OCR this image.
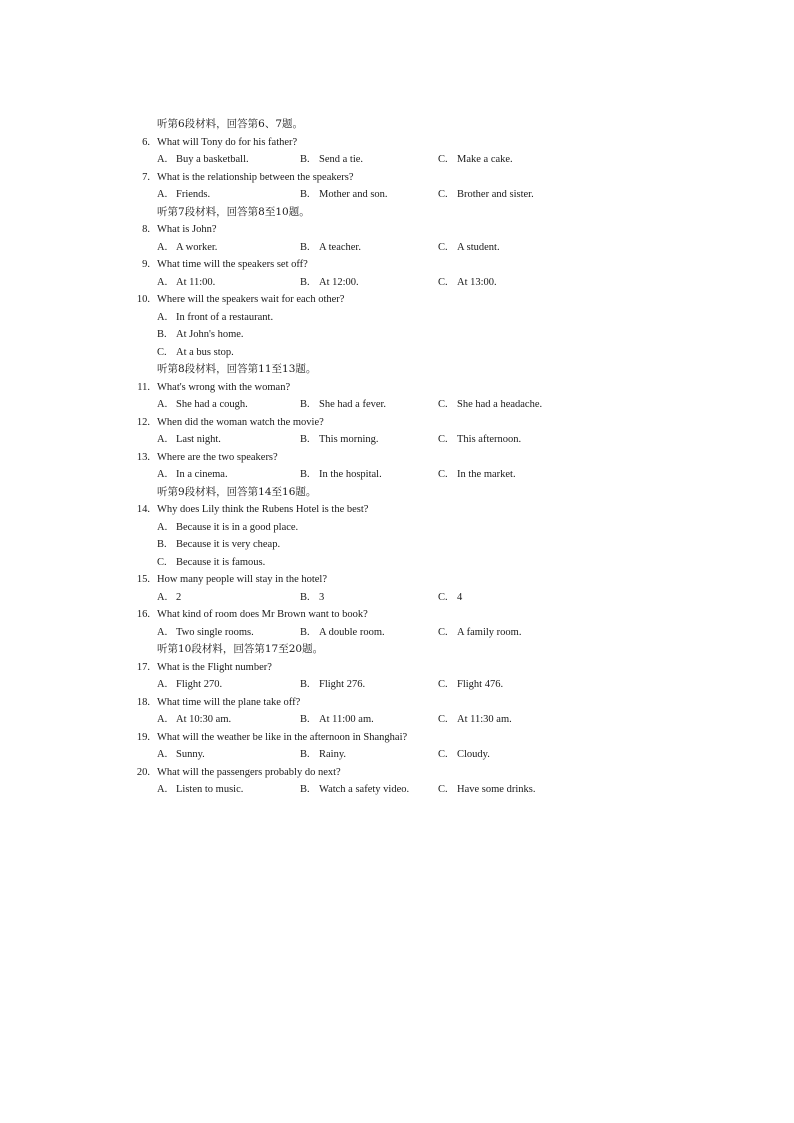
听第6段材料，回答第6、7题。
6. What will Tony do for his father?
A. Buy a basketball.	B. Send a tie.	C. Make a cake.
7. What is the relationship between the speakers?
A. Friends.	B. Mother and son.	C. Brother and sister.
听第7段材料，回答第8至10题。
8. What is John?
A. A worker.	B. A teacher.	C. A student.
9. What time will the speakers set off?
A. At 11:00.	B. At 12:00.	C. At 13:00.
10. Where will the speakers wait for each other?
A. In front of a restaurant.
B. At John's home.
C. At a bus stop.
听第8段材料，回答第11至13题。
11. What's wrong with the woman?
A. She had a cough.	B. She had a fever.	C. She had a headache.
12. When did the woman watch the movie?
A. Last night.	B. This morning.	C. This afternoon.
13. Where are the two speakers?
A. In a cinema.	B. In the hospital.	C. In the market.
听第9段材料，回答第14至16题。
14. Why does Lily think the Rubens Hotel is the best?
A. Because it is in a good place.
B. Because it is very cheap.
C. Because it is famous.
15. How many people will stay in the hotel?
A. 2	B. 3	C. 4
16. What kind of room does Mr Brown want to book?
A. Two single rooms.	B. A double room.	C. A family room.
听第10段材料，回答第17至20题。
17. What is the Flight number?
A. Flight 270.	B. Flight 276.	C. Flight 476.
18. What time will the plane take off?
A. At 10:30 am.	B. At 11:00 am.	C. At 11:30 am.
19. What will the weather be like in the afternoon in Shanghai?
A. Sunny.	B. Rainy.	C. Cloudy.
20. What will the passengers probably do next?
A. Listen to music.	B. Watch a safety video.	C. Have some drinks.
